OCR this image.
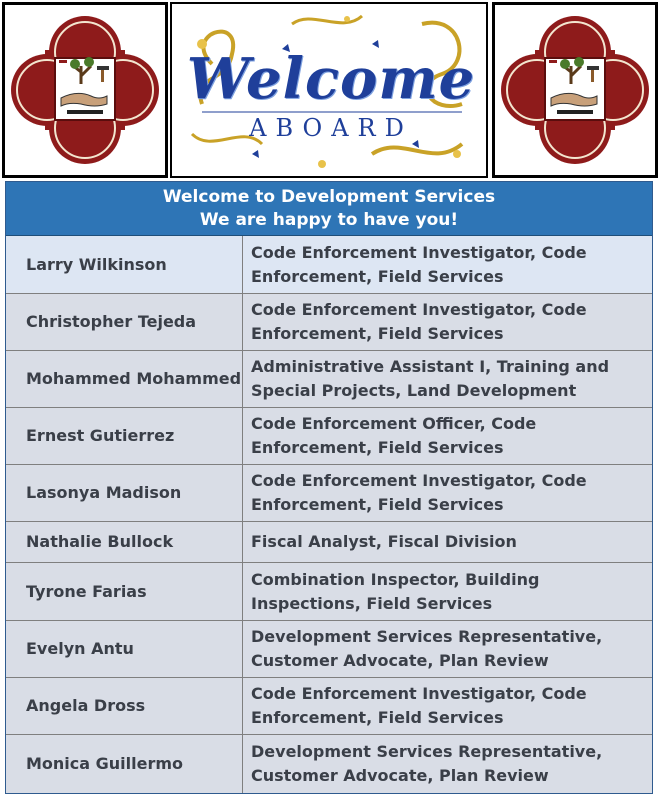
Welcome
ABOARD
Welcome to Development Services
We are happy to have you!
Larry Wilkinson
Code Enforcement Investigator, Code Enforcement, Field Services
Christopher Tejeda
Code Enforcement Investigator, Code Enforcement, Field Services
Mohammed Mohammed
Administrative Assistant I, Training and Special Projects, Land Development
Ernest Gutierrez
Code Enforcement Officer, Code Enforcement, Field Services
Lasonya Madison
Code Enforcement Investigator, Code Enforcement, Field Services
Nathalie Bullock	Fiscal Analyst, Fiscal Division
Tyrone Farias
Combination Inspector, Building Inspections, Field Services
Evelyn Antu
Development Services Representative, Customer Advocate, Plan Review
Angela Dross
Code Enforcement Investigator, Code Enforcement, Field Services
Monica Guillermo
Development Services Representative, Customer Advocate, Plan Review
